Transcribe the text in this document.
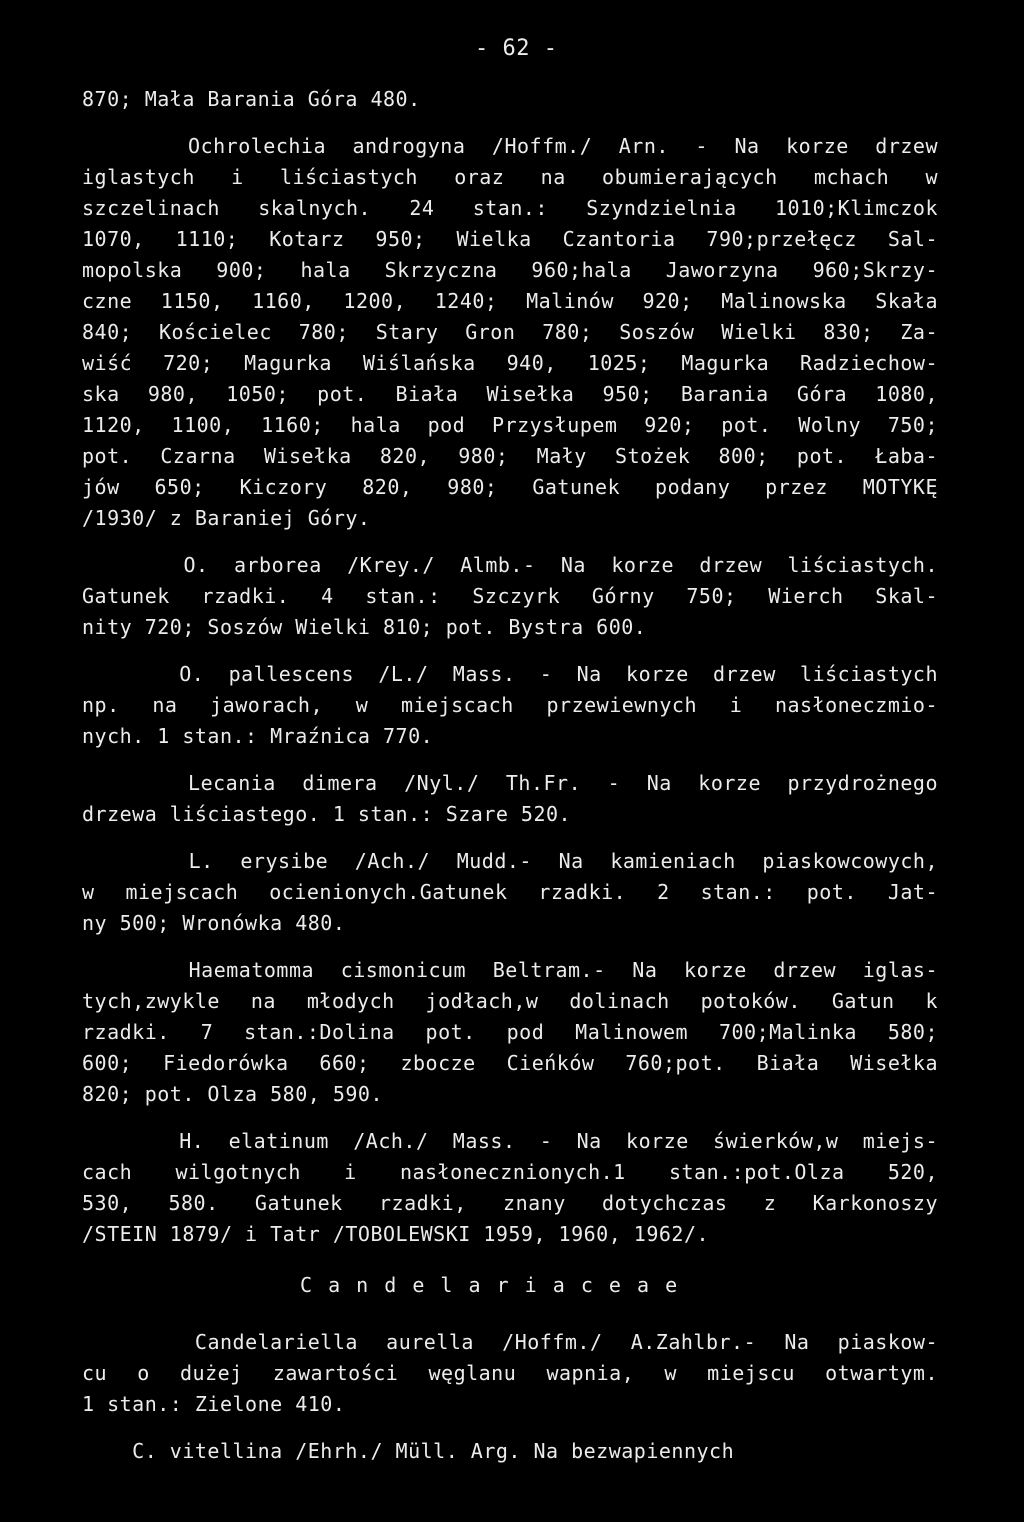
- 62 -
870; Mała Barania Góra 480.
Ochrolechia androgyna /Hoffm./ Arn. - Na korze drzew
iglastych i liściastych oraz na obumierających mchach w
szczelinach skalnych. 24 stan.: Szyndzielnia 1010;Klimczok
1070, 1110; Kotarz 950; Wielka Czantoria 790;przełęcz Sal-
mopolska 900; hala Skrzyczna 960;hala Jaworzyna 960;Skrzy-
czne 1150, 1160, 1200, 1240; Malinów 920; Malinowska Skała
840; Kościelec 780; Stary Gron 780; Soszów Wielki 830; Za-
wiść 720; Magurka Wiślańska 940, 1025; Magurka Radziechow-
ska 980, 1050; pot. Biała Wisełka 950; Barania Góra 1080,
1120, 1100, 1160; hala pod Przysłupem 920; pot. Wolny 750;
pot. Czarna Wisełka 820, 980; Mały Stożek 800; pot. Łaba-
jów 650; Kiczory 820, 980; Gatunek podany przez MOTYKĘ
/1930/ z Baraniej Góry.
O. arborea /Krey./ Almb.- Na korze drzew liściastych.
Gatunek rzadki. 4 stan.: Szczyrk Górny 750; Wierch Skal-
nity 720; Soszów Wielki 810; pot. Bystra 600.
O. pallescens /L./ Mass. - Na korze drzew liściastych
np. na jaworach, w miejscach przewiewnych i nasłoneczmio-
nych. 1 stan.: Mraźnica 770.
Lecania dimera /Nyl./ Th.Fr. - Na korze przydrożnego
drzewa liściastego. 1 stan.: Szare 520.
L. erysibe /Ach./ Mudd.- Na kamieniach piaskowcowych,
w miejscach ocienionych.Gatunek rzadki. 2 stan.: pot. Jat-
ny 500; Wronówka 480.
Haematomma cismonicum Beltram.- Na korze drzew iglas-
tych,zwykle na młodych jodłach,w dolinach potoków. Gatun k
rzadki. 7 stan.:Dolina pot. pod Malinowem 700;Malinka 580;
600; Fiedorówka 660; zbocze Cieńków 760;pot. Biała Wisełka
820; pot. Olza 580, 590.
H. elatinum /Ach./ Mass. - Na korze świerków,w miejs-
cach wilgotnych i nasłonecznionych.1 stan.:pot.Olza 520,
530, 580. Gatunek rzadki, znany dotychczas z Karkonoszy
/STEIN 1879/ i Tatr /TOBOLEWSKI 1959, 1960, 1962/.
C a n d e l a r i a c e a e
Candelariella aurella /Hoffm./ A.Zahlbr.- Na piaskow-
cu o dużej zawartości węglanu wapnia, w miejscu otwartym.
1 stan.: Zielone 410.
C. vitellina /Ehrh./ Müll. Arg. Na bezwapiennych
